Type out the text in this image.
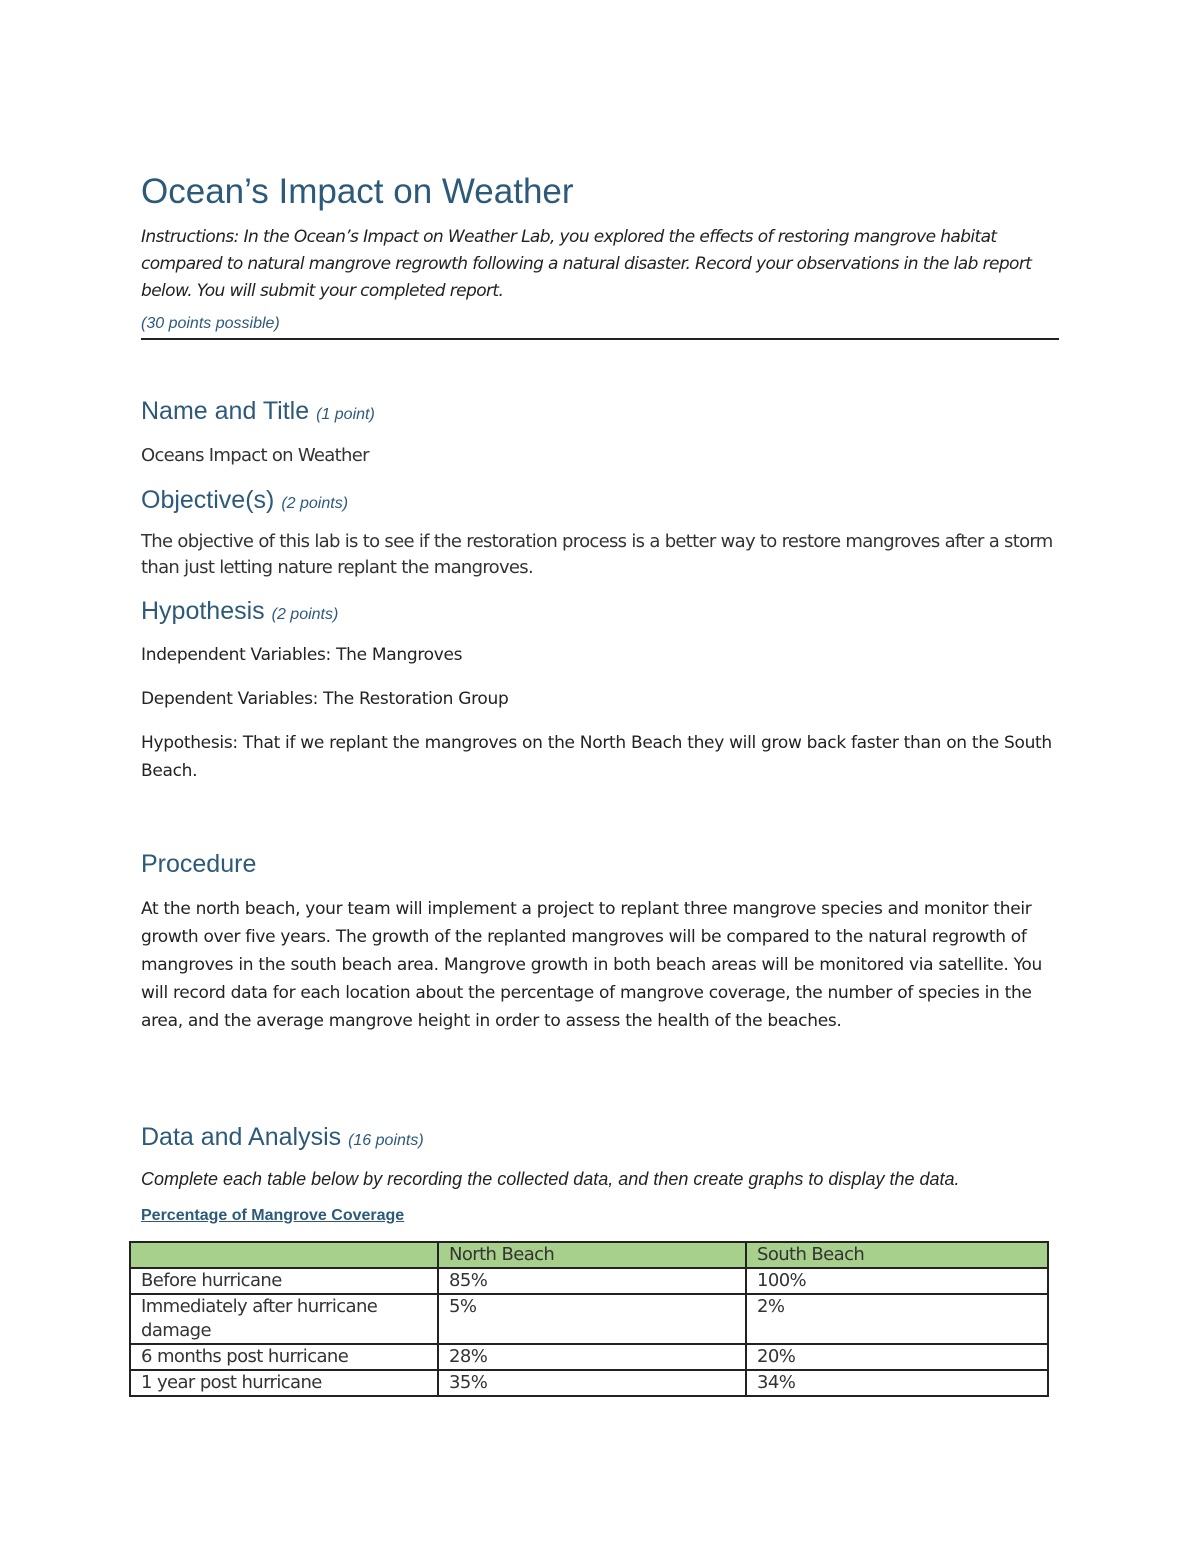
Ocean’s Impact on Weather

Instructions: In the Ocean’s Impact on Weather Lab, you explored the effects of restoring mangrove habitat compared to natural mangrove regrowth following a natural disaster. Record your observations in the lab report below. You will submit your completed report.

(30 points possible)

Name and Title (1 point)

Oceans Impact on Weather

Objective(s) (2 points)

The objective of this lab is to see if the restoration process is a better way to restore mangroves after a storm than just letting nature replant the mangroves.

Hypothesis (2 points)

Independent Variables: The Mangroves

Dependent Variables: The Restoration Group

Hypothesis: That if we replant the mangroves on the North Beach they will grow back faster than on the South Beach.

Procedure

At the north beach, your team will implement a project to replant three mangrove species and monitor their growth over five years. The growth of the replanted mangroves will be compared to the natural regrowth of mangroves in the south beach area. Mangrove growth in both beach areas will be monitored via satellite. You will record data for each location about the percentage of mangrove coverage, the number of species in the area, and the average mangrove height in order to assess the health of the beaches.

Data and Analysis (16 points)

Complete each table below by recording the collected data, and then create graphs to display the data.

Percentage of Mangrove Coverage

	North Beach	South Beach
Before hurricane	85%	100%
Immediately after hurricane damage	5%	2%
6 months post hurricane	28%	20%
1 year post hurricane	35%	34%
